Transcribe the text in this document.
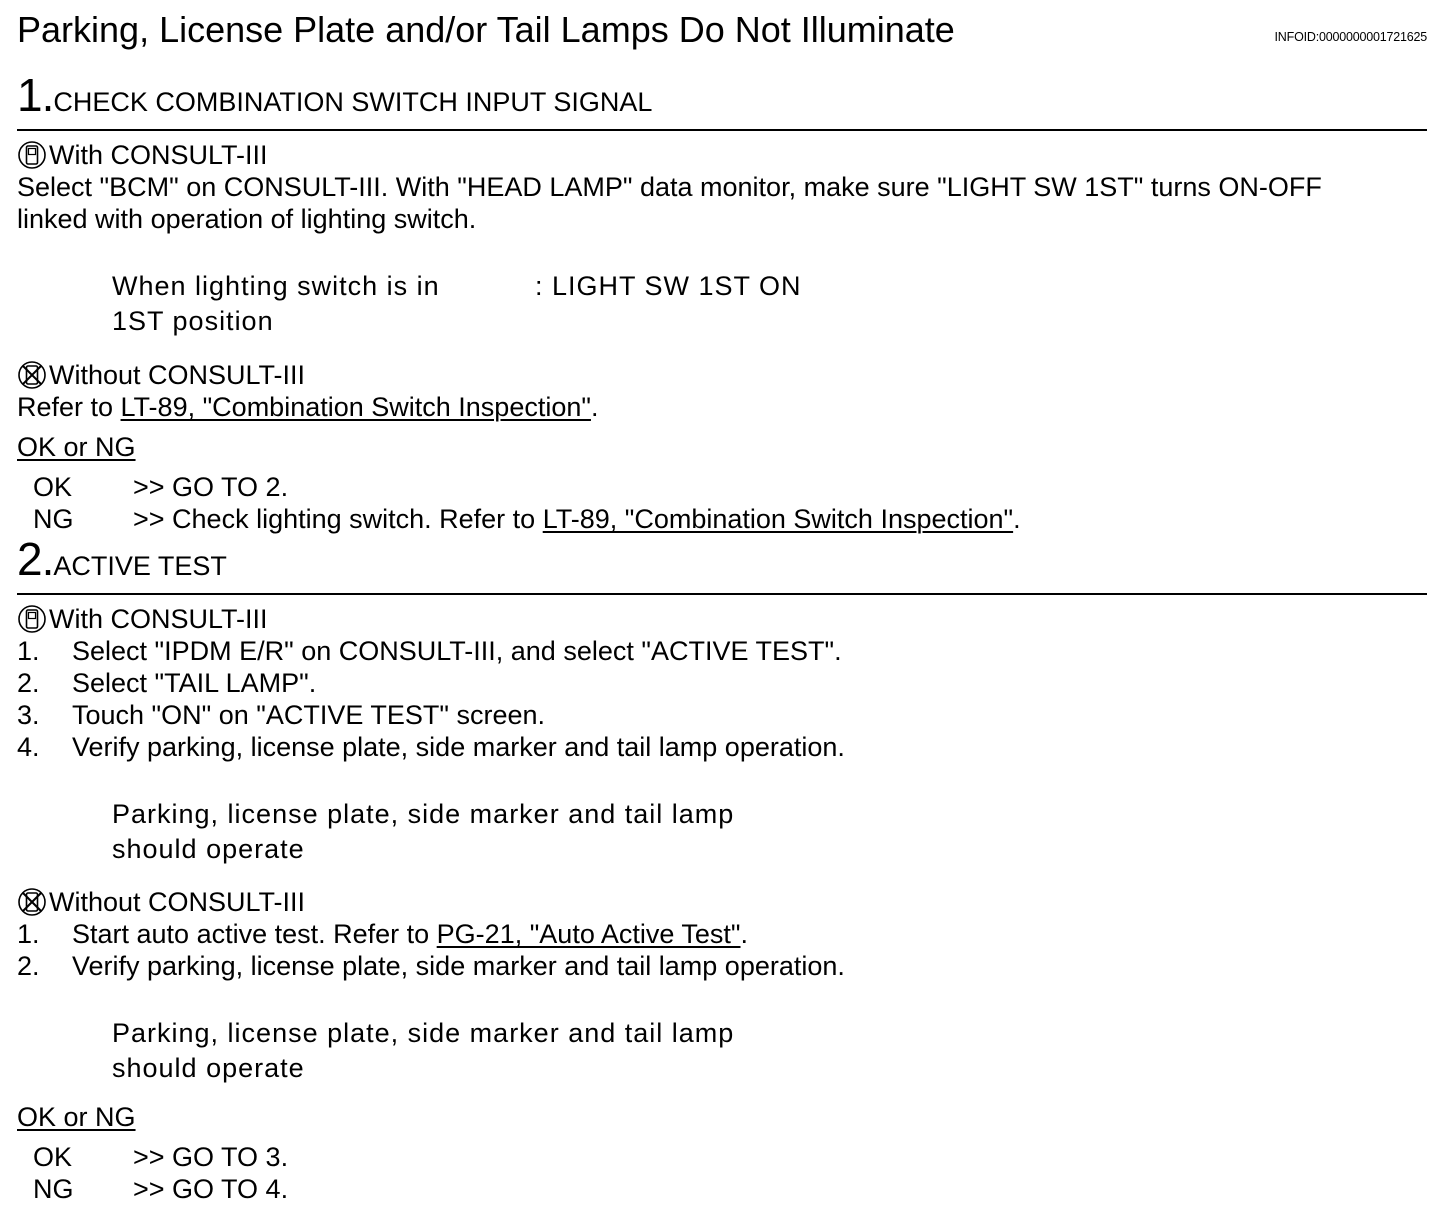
Parking, License Plate and/or Tail Lamps Do Not Illuminate	INFOID:0000000001721625
1.CHECK COMBINATION SWITCH INPUT SIGNAL
With CONSULT-III
Select "BCM" on CONSULT-III. With "HEAD LAMP" data monitor, make sure "LIGHT SW 1ST" turns ON-OFF
linked with operation of lighting switch.
When lighting switch is in
1ST position
: LIGHT SW 1ST ON
Without CONSULT-III
Refer to LT-89, "Combination Switch Inspection".
OK or NG
OK >> GO TO 2.
NG >> Check lighting switch. Refer to LT-89, "Combination Switch Inspection".
2.ACTIVE TEST
With CONSULT-III
1. Select "IPDM E/R" on CONSULT-III, and select "ACTIVE TEST".
2. Select "TAIL LAMP".
3. Touch "ON" on "ACTIVE TEST" screen.
4. Verify parking, license plate, side marker and tail lamp operation.
Parking, license plate, side marker and tail lamp
should operate
Without CONSULT-III
1. Start auto active test. Refer to PG-21, "Auto Active Test".
2. Verify parking, license plate, side marker and tail lamp operation.
Parking, license plate, side marker and tail lamp
should operate
OK or NG
OK >> GO TO 3.
NG >> GO TO 4.
